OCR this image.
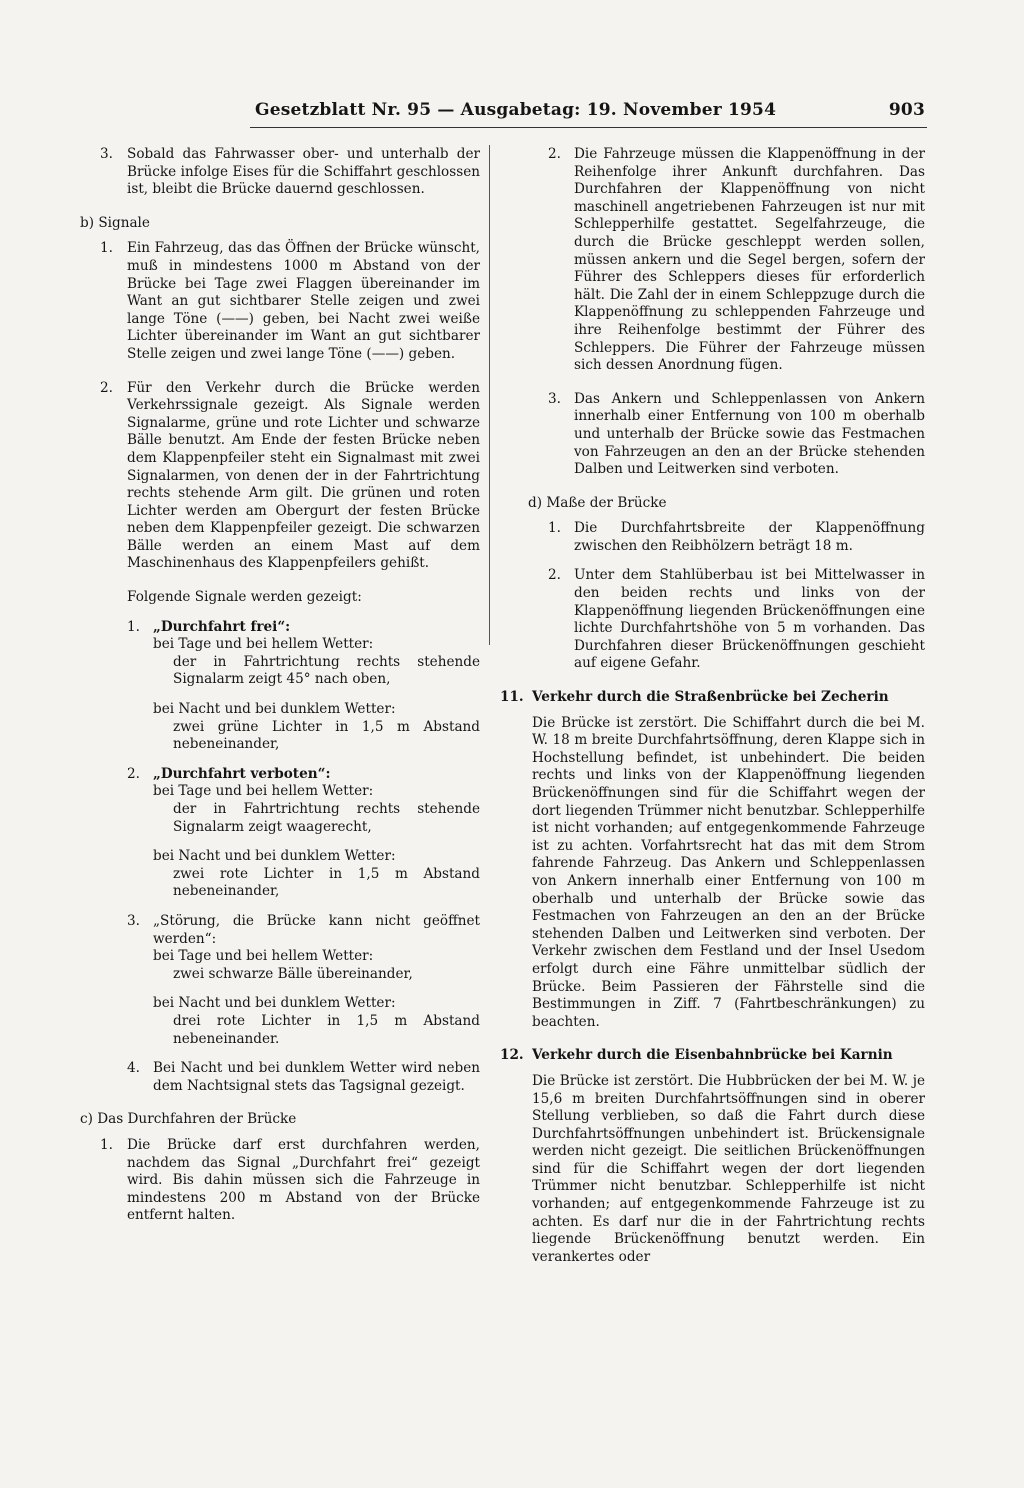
Gesetzblatt Nr. 95 — Ausgabetag: 19. November 1954	903
3.	Sobald das Fahrwasser ober- und unterhalb der Brücke infolge Eises für die Schiffahrt geschlossen ist, bleibt die Brücke dauernd geschlossen.

b) Signale

1.	Ein Fahrzeug, das das Öffnen der Brücke wünscht, muß in mindestens 1000 m Abstand von der Brücke bei Tage zwei Flaggen übereinander im Want an gut sichtbarer Stelle zeigen und zwei lange Töne (——) geben, bei Nacht zwei weiße Lichter übereinander im Want an gut sichtbarer Stelle zeigen und zwei lange Töne (——) geben.
2.	Für den Verkehr durch die Brücke werden Verkehrssignale gezeigt. Als Signale werden Signalarme, grüne und rote Lichter und schwarze Bälle benutzt. Am Ende der festen Brücke neben dem Klappenpfeiler steht ein Signalmast mit zwei Signalarmen, von denen der in der Fahrtrichtung rechts stehende Arm gilt. Die grünen und roten Lichter werden am Obergurt der festen Brücke neben dem Klappenpfeiler gezeigt. Die schwarzen Bälle werden an einem Mast auf dem Maschinenhaus des Klappenpfeilers gehißt.

Folgende Signale werden gezeigt:

1. „Durchfahrt frei“:

bei Tage und bei hellem Wetter:

der in Fahrtrichtung rechts stehende Signalarm zeigt 45° nach oben,

bei Nacht und bei dunklem Wetter:

zwei grüne Lichter in 1,5 m Abstand nebeneinander,

2. „Durchfahrt verboten“:

bei Tage und bei hellem Wetter:

der in Fahrtrichtung rechts stehende Signalarm zeigt waagerecht,

bei Nacht und bei dunklem Wetter:

zwei rote Lichter in 1,5 m Abstand nebeneinander,

3. „Störung, die Brücke kann nicht geöffnet werden“:

bei Tage und bei hellem Wetter:

zwei schwarze Bälle übereinander,

bei Nacht und bei dunklem Wetter:

drei rote Lichter in 1,5 m Abstand nebeneinander.

4. Bei Nacht und bei dunklem Wetter wird neben dem Nachtsignal stets das Tagsignal gezeigt.

c) Das Durchfahren der Brücke

1.	Die Brücke darf erst durchfahren werden, nachdem das Signal „Durchfahrt frei“ gezeigt wird. Bis dahin müssen sich die Fahrzeuge in mindestens 200 m Abstand von der Brücke entfernt halten.
2. Die Fahrzeuge müssen die Klappenöffnung in der Reihenfolge ihrer Ankunft durchfahren. Das Durchfahren der Klappenöffnung von nicht maschinell angetriebenen Fahrzeugen ist nur mit Schlepperhilfe gestattet. Segelfahrzeuge, die durch die Brücke geschleppt werden sollen, müssen ankern und die Segel bergen, sofern der Führer des Schleppers dieses für erforderlich hält. Die Zahl der in einem Schleppzuge durch die Klappenöffnung zu schleppenden Fahrzeuge und ihre Reihenfolge bestimmt der Führer des Schleppers. Die Führer der Fahrzeuge müssen sich dessen Anordnung fügen.
3. Das Ankern und Schleppenlassen von Ankern innerhalb einer Entfernung von 100 m oberhalb und unterhalb der Brücke sowie das Festmachen von Fahrzeugen an den an der Brücke stehenden Dalben und Leitwerken sind verboten.

d) Maße der Brücke

1. Die Durchfahrtsbreite der Klappenöffnung zwischen den Reibhölzern beträgt 18 m.
2. Unter dem Stahlüberbau ist bei Mittelwasser in den beiden rechts und links von der Klappenöffnung liegenden Brückenöffnungen eine lichte Durchfahrtshöhe von 5 m vorhanden. Das Durchfahren dieser Brückenöffnungen geschieht auf eigene Gefahr.
11. Verkehr durch die Straßenbrücke bei Zecherin

Die Brücke ist zerstört. Die Schiffahrt durch die bei M. W. 18 m breite Durchfahrtsöffnung, deren Klappe sich in Hochstellung befindet, ist unbehindert. Die beiden rechts und links von der Klappenöffnung liegenden Brückenöffnungen sind für die Schiffahrt wegen der dort liegenden Trümmer nicht benutzbar. Schlepperhilfe ist nicht vorhanden; auf entgegenkommende Fahrzeuge ist zu achten. Vorfahrtsrecht hat das mit dem Strom fahrende Fahrzeug. Das Ankern und Schleppenlassen von Ankern innerhalb einer Entfernung von 100 m oberhalb und unterhalb der Brücke sowie das Festmachen von Fahrzeugen an den an der Brücke stehenden Dalben und Leitwerken sind verboten. Der Verkehr zwischen dem Festland und der Insel Usedom erfolgt durch eine Fähre unmittelbar südlich der Brücke. Beim Passieren der Fährstelle sind die Bestimmungen in Ziff. 7 (Fahrtbeschränkungen) zu beachten.

12. Verkehr durch die Eisenbahnbrücke bei Karnin

Die Brücke ist zerstört. Die Hubbrücken der bei M. W. je 15,6 m breiten Durchfahrtsöffnungen sind in oberer Stellung verblieben, so daß die Fahrt durch diese Durchfahrtsöffnungen unbehindert ist. Brückensignale werden nicht gezeigt. Die seitlichen Brückenöffnungen sind für die Schiffahrt wegen der dort liegenden Trümmer nicht benutzbar. Schlepperhilfe ist nicht vorhanden; auf entgegenkommende Fahrzeuge ist zu achten. Es darf nur die in der Fahrtrichtung rechts liegende Brückenöffnung benutzt werden. Ein verankertes oder
